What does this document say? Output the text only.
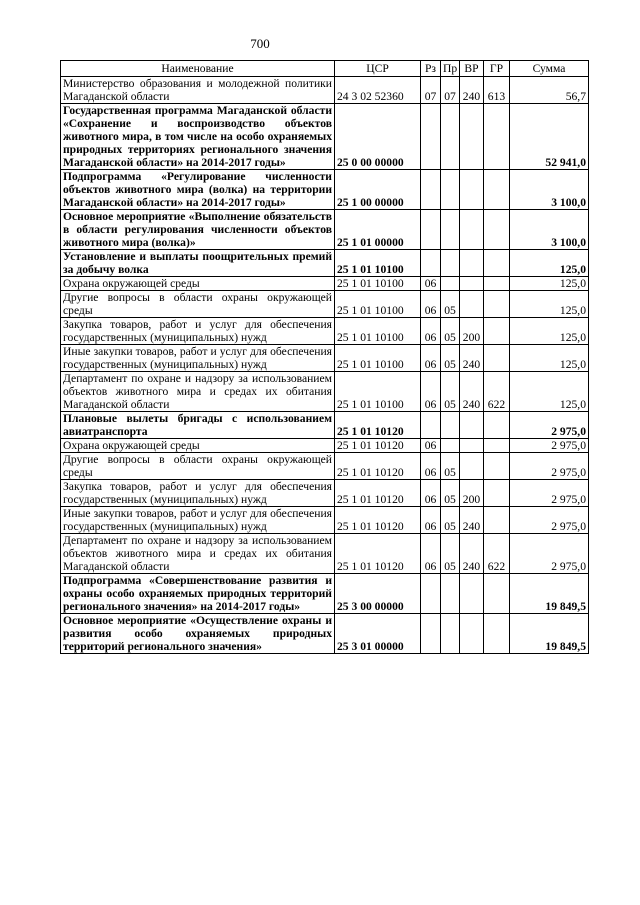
700
Наименование	ЦСР	Рз	Пр	ВР	ГР	Сумма
Министерство образования и молодежной политики Магаданской области	24 3 02 52360	07	07	240	613	56,7
Государственная программа Магаданской области «Сохранение и воспроизводство объектов животного мира, в том числе на особо охраняемых природных территориях регионального значения Магаданской области» на 2014-2017 годы»	25 0 00 00000					52 941,0
Подпрограмма «Регулирование численности объектов животного мира (волка) на территории Магаданской области» на 2014-2017 годы»	25 1 00 00000					3 100,0
Основное мероприятие «Выполнение обязательств в области регулирования численности объектов животного мира (волка)»	25 1 01 00000					3 100,0
Установление и выплаты поощрительных премий за добычу волка	25 1 01 10100					125,0
Охрана окружающей среды	25 1 01 10100	06				125,0
Другие вопросы в области охраны окружающей среды	25 1 01 10100	06	05			125,0
Закупка товаров, работ и услуг для обеспечения государственных (муниципальных) нужд	25 1 01 10100	06	05	200		125,0
Иные закупки товаров, работ и услуг для обеспечения государственных (муниципальных) нужд	25 1 01 10100	06	05	240		125,0
Департамент по охране и надзору за использованием объектов животного мира и средах их обитания Магаданской области	25 1 01 10100	06	05	240	622	125,0
Плановые вылеты бригады с использованием авиатранспорта	25 1 01 10120					2 975,0
Охрана окружающей среды	25 1 01 10120	06				2 975,0
Другие вопросы в области охраны окружающей среды	25 1 01 10120	06	05			2 975,0
Закупка товаров, работ и услуг для обеспечения государственных (муниципальных) нужд	25 1 01 10120	06	05	200		2 975,0
Иные закупки товаров, работ и услуг для обеспечения государственных (муниципальных) нужд	25 1 01 10120	06	05	240		2 975,0
Департамент по охране и надзору за использованием объектов животного мира и средах их обитания Магаданской области	25 1 01 10120	06	05	240	622	2 975,0
Подпрограмма «Совершенствование развития и охраны особо охраняемых природных территорий регионального значения» на 2014-2017 годы»	25 3 00 00000					19 849,5
Основное мероприятие «Осуществление охраны и развития особо охраняемых природных территорий регионального значения»	25 3 01 00000					19 849,5
